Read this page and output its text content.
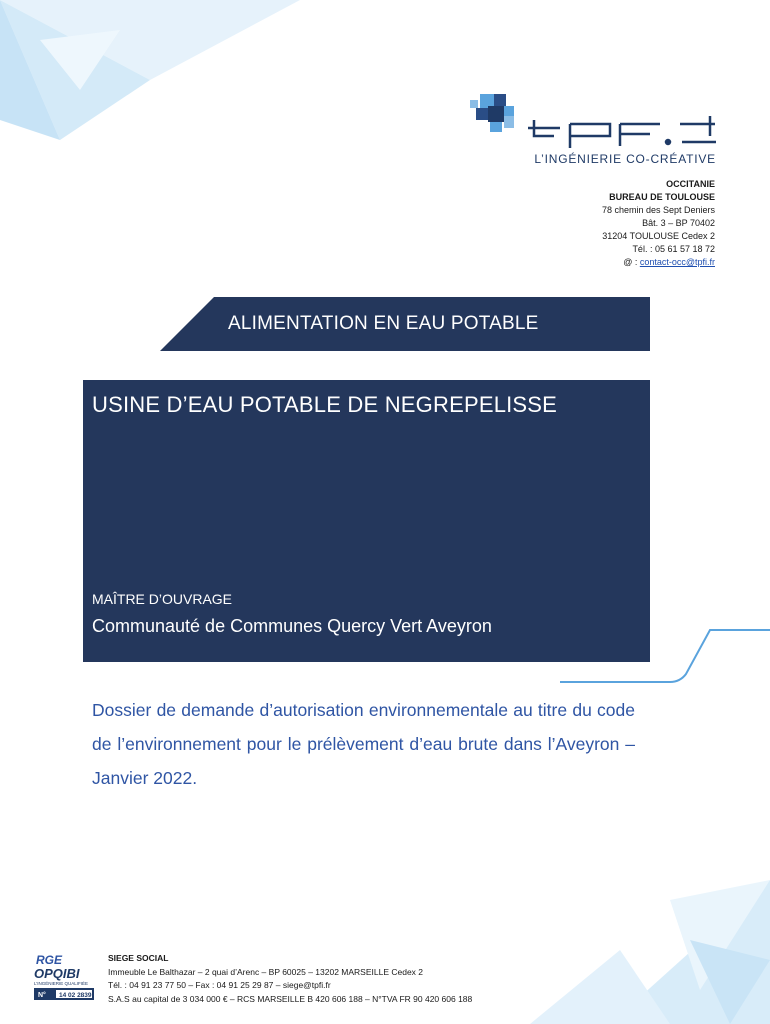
L’INGÉNIERIE CO-CRÉATIVE
OCCITANIE
BUREAU DE TOULOUSE
78 chemin des Sept Deniers
Bât. 3 – BP 70402
31204 TOULOUSE Cedex 2
Tél. : 05 61 57 18 72
@ : contact-occ@tpfi.fr
ALIMENTATION EN EAU POTABLE
USINE D’EAU POTABLE DE NEGREPELISSE
MAÎTRE D’OUVRAGE
Communauté de Communes Quercy Vert Aveyron
Dossier de demande d’autorisation environnementale au titre du code de l’environnement pour le prélèvement d’eau brute dans l’Aveyron – Janvier 2022.
RGE
OPQIBI
L’INGÉNIERIE QUALIFIÉE
N° 14 02 2839
SIEGE SOCIAL
Immeuble Le Balthazar – 2 quai d’Arenc – BP 60025 – 13202 MARSEILLE Cedex 2
Tél. : 04 91 23 77 50 – Fax : 04 91 25 29 87 – siege@tpfi.fr
S.A.S au capital de 3 034 000 € – RCS MARSEILLE B 420 606 188 – N°TVA FR 90 420 606 188
